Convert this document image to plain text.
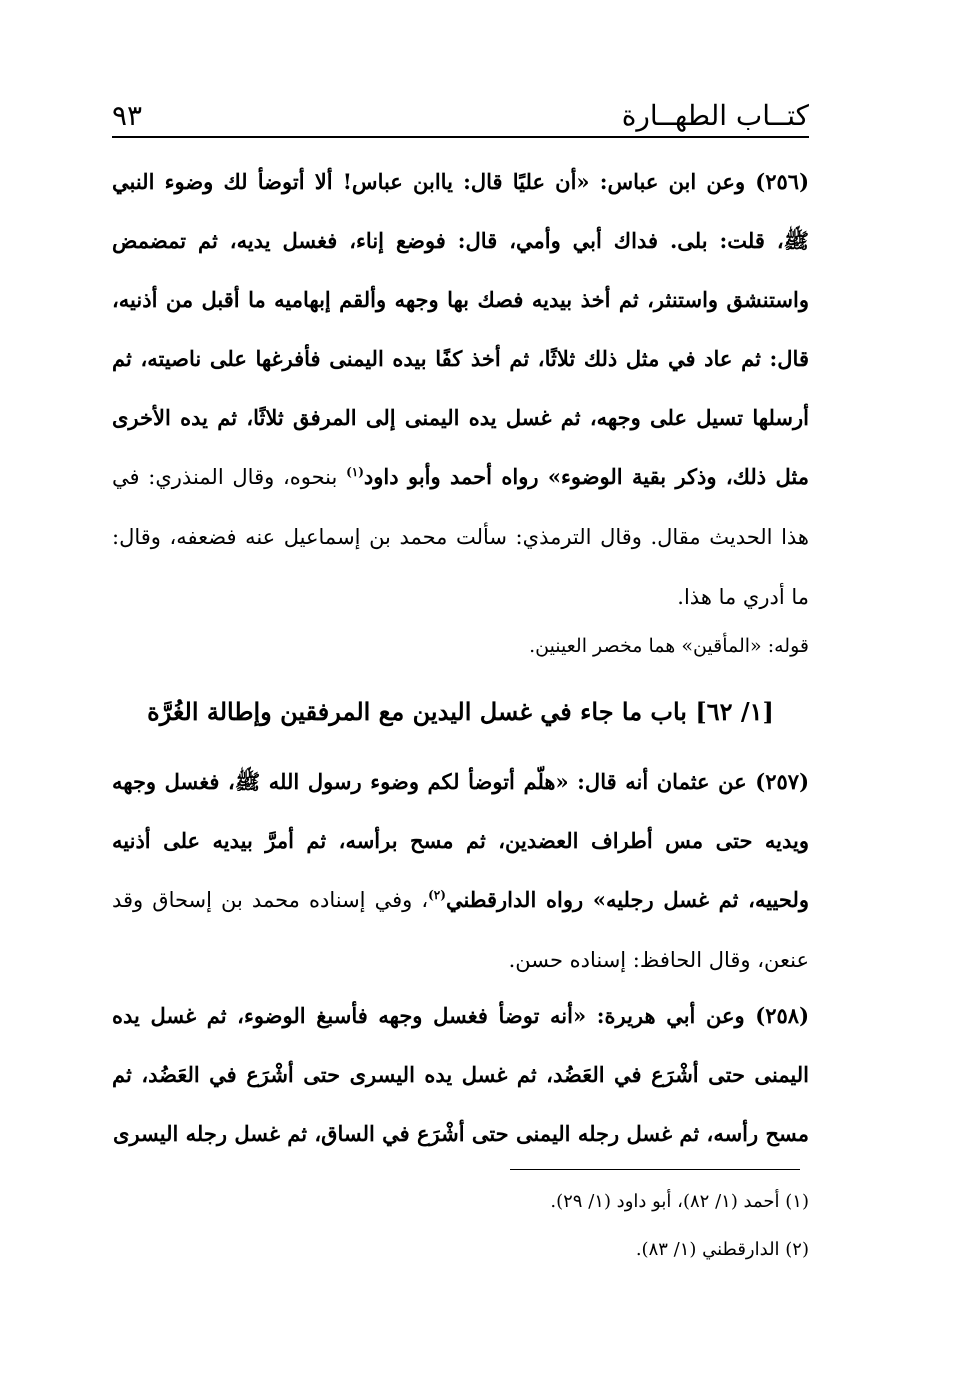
كتــاب الطهــارة
٩٣

(٢٥٦) وعن ابن عباس: «أن عليًا قال: ياابن عباس! ألا أتوضأ لك وضوء النبي ﷺ، قلت: بلى. فداك أبي وأمي، قال: فوضع إناء، فغسل يديه، ثم تمضمض واستنشق واستنثر، ثم أخذ بيديه فصك بها وجهه وألقم إبهاميه ما أقبل من أذنيه، قال: ثم عاد في مثل ذلك ثلاثًا، ثم أخذ كفًا بيده اليمنى فأفرغها على ناصيته، ثم أرسلها تسيل على وجهه، ثم غسل يده اليمنى إلى المرفق ثلاثًا، ثم يده الأخرى مثل ذلك، وذكر بقية الوضوء» رواه أحمد وأبو داود$^{(١)}$ بنحوه، وقال المنذري: في هذا الحديث مقال. وقال الترمذي: سألت محمد بن إسماعيل عنه فضعفه، وقال: ما أدري ما هذا.

قوله: «المأقين» هما مخصر العينين.

[١/ ٦٢] باب ما جاء في غسل اليدين مع المرفقين وإطالة الغُرَّة

(٢٥٧) عن عثمان أنه قال: «هلّم أتوضأ لكم وضوء رسول الله ﷺ، فغسل وجهه ويديه حتى مس أطراف العضدين، ثم مسح برأسه، ثم أمرَّ بيديه على أذنيه ولحييه، ثم غسل رجليه» رواه الدارقطني$^{(٢)}$، وفي إسناده محمد بن إسحاق وقد عنعن، وقال الحافظ: إسناده حسن.

(٢٥٨) وعن أبي هريرة: «أنه توضأ فغسل وجهه فأسبغ الوضوء، ثم غسل يده اليمنى حتى أشْرَع في العَضُد، ثم غسل يده اليسرى حتى أشْرَع في العَضُد، ثم مسح رأسه، ثم غسل رجله اليمنى حتى أشْرَع في الساق، ثم غسل رجله اليسرى

(١) أحمد (١/ ٨٢)، أبو داود (١/ ٢٩).
(٢) الدارقطني (١/ ٨٣).
